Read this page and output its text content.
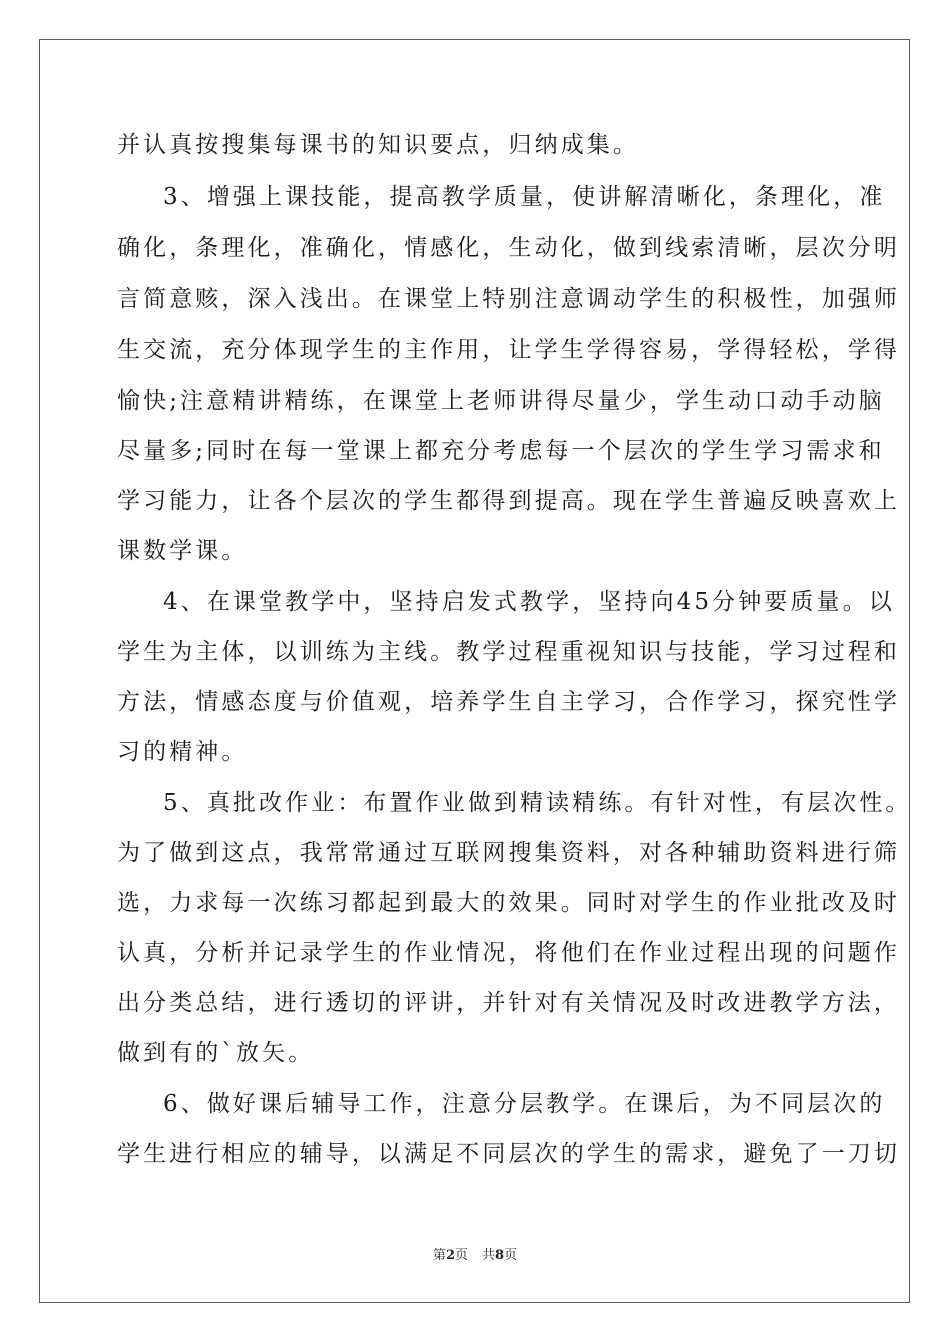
并认真按搜集每课书的知识要点，归纳成集。
3、增强上课技能，提高教学质量，使讲解清晰化，条理化，准
确化，条理化，准确化，情感化，生动化，做到线索清晰，层次分明
言简意赅，深入浅出。在课堂上特别注意调动学生的积极性，加强师
生交流，充分体现学生的主作用，让学生学得容易，学得轻松，学得
愉快;注意精讲精练，在课堂上老师讲得尽量少，学生动口动手动脑
尽量多;同时在每一堂课上都充分考虑每一个层次的学生学习需求和
学习能力，让各个层次的学生都得到提高。现在学生普遍反映喜欢上
课数学课。
4、在课堂教学中，坚持启发式教学，坚持向45分钟要质量。以
学生为主体，以训练为主线。教学过程重视知识与技能，学习过程和
方法，情感态度与价值观，培养学生自主学习，合作学习，探究性学
习的精神。
5、真批改作业：布置作业做到精读精练。有针对性，有层次性。
为了做到这点，我常常通过互联网搜集资料，对各种辅助资料进行筛
选，力求每一次练习都起到最大的效果。同时对学生的作业批改及时
认真，分析并记录学生的作业情况，将他们在作业过程出现的问题作
出分类总结，进行透切的评讲，并针对有关情况及时改进教学方法，
做到有的`放矢。
6、做好课后辅导工作，注意分层教学。在课后，为不同层次的
学生进行相应的辅导，以满足不同层次的学生的需求，避免了一刀切
第2页 共8页
